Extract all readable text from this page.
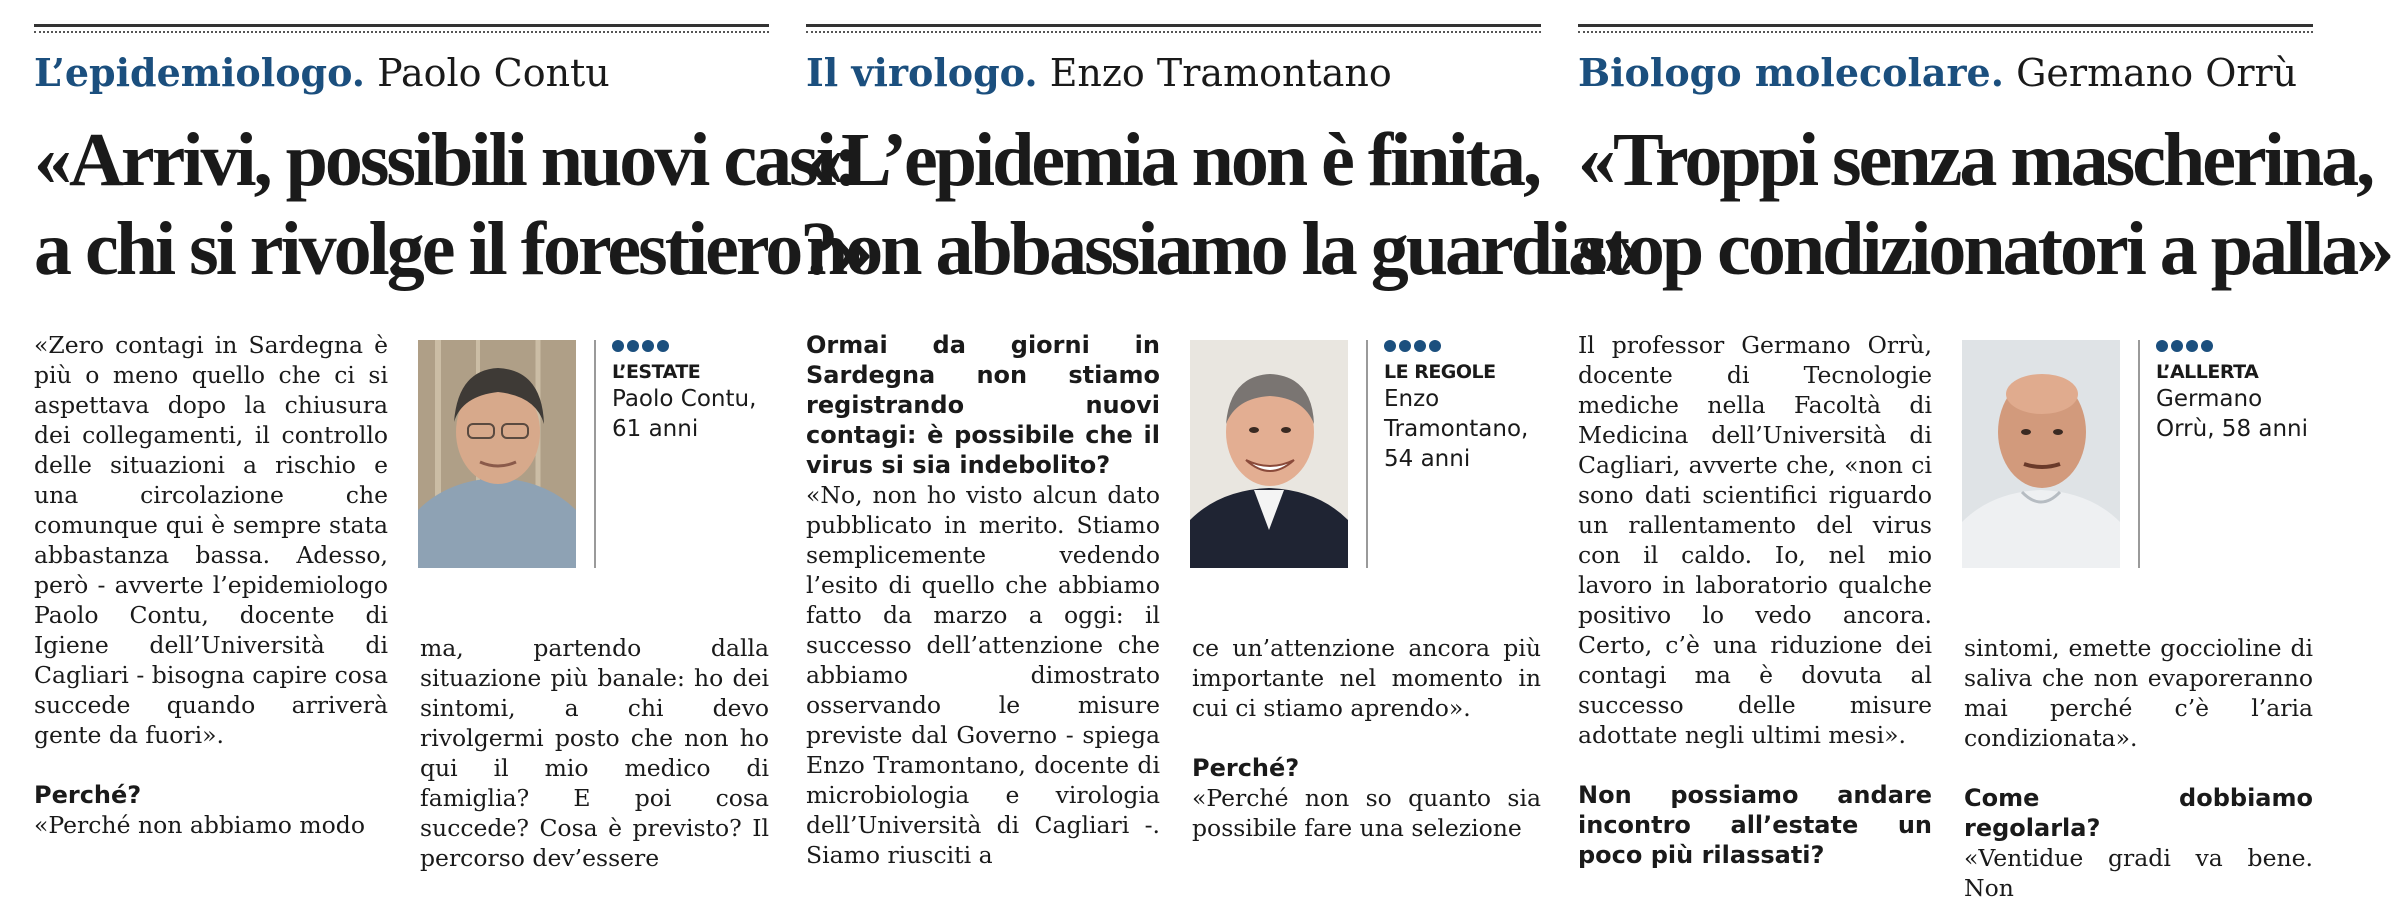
L’epidemiologo. Paolo Contu
«Arrivi, possibili nuovi casi:
a chi si rivolge il forestiero?»
«Zero contagi in Sardegna è più o meno quello che ci si aspettava dopo la chiusura dei collegamenti, il controllo delle situazioni a rischio e una circolazione che comunque qui è sempre stata abbastanza bassa. Adesso, però - avverte l’epidemiologo Paolo Contu, docente di Igiene dell’Università di Cagliari - bisogna capire cosa succede quando arriverà gente da fuori».
Perché?
«Perché non abbiamo modo
L’ESTATE
Paolo Contu, 61 anni
ma, partendo dalla situazione più banale: ho dei sintomi, a chi devo rivolgermi posto che non ho qui il mio medico di famiglia? E poi cosa succede? Cosa è previsto? Il percorso dev’essere
Il virologo. Enzo Tramontano
«L’epidemia non è finita,
non abbassiamo la guardia»
Ormai da giorni in Sardegna non stiamo registrando nuovi contagi: è possibile che il virus si sia indebolito?
«No, non ho visto alcun dato pubblicato in merito. Stiamo semplicemente vedendo l’esito di quello che abbiamo fatto da marzo a oggi: il successo dell’attenzione che abbiamo dimostrato osservando le misure previste dal Governo - spiega Enzo Tramontano, docente di microbiologia e virologia dell’Università di Cagliari -. Siamo riusciti a
LE REGOLE
Enzo Tramontano, 54 anni
ce un’attenzione ancora più importante nel momento in cui ci stiamo aprendo».
Perché?
«Perché non so quanto sia possibile fare una selezione
Biologo molecolare. Germano Orrù
«Troppi senza mascherina,
stop condizionatori a palla»
Il professor Germano Orrù, docente di Tecnologie mediche nella Facoltà di Medicina dell’Università di Cagliari, avverte che, «non ci sono dati scientifici riguardo un rallentamento del virus con il caldo. Io, nel mio lavoro in laboratorio qualche positivo lo vedo ancora. Certo, c’è una riduzione dei contagi ma è dovuta al successo delle misure adottate negli ultimi mesi».
Non possiamo andare incontro all’estate un poco più rilassati?
L’ALLERTA
Germano Orrù, 58 anni
sintomi, emette goccioline di saliva che non evaporeranno mai perché c’è l’aria condizionata».
Come dobbiamo regolarla?
«Ventidue gradi va bene. Non
